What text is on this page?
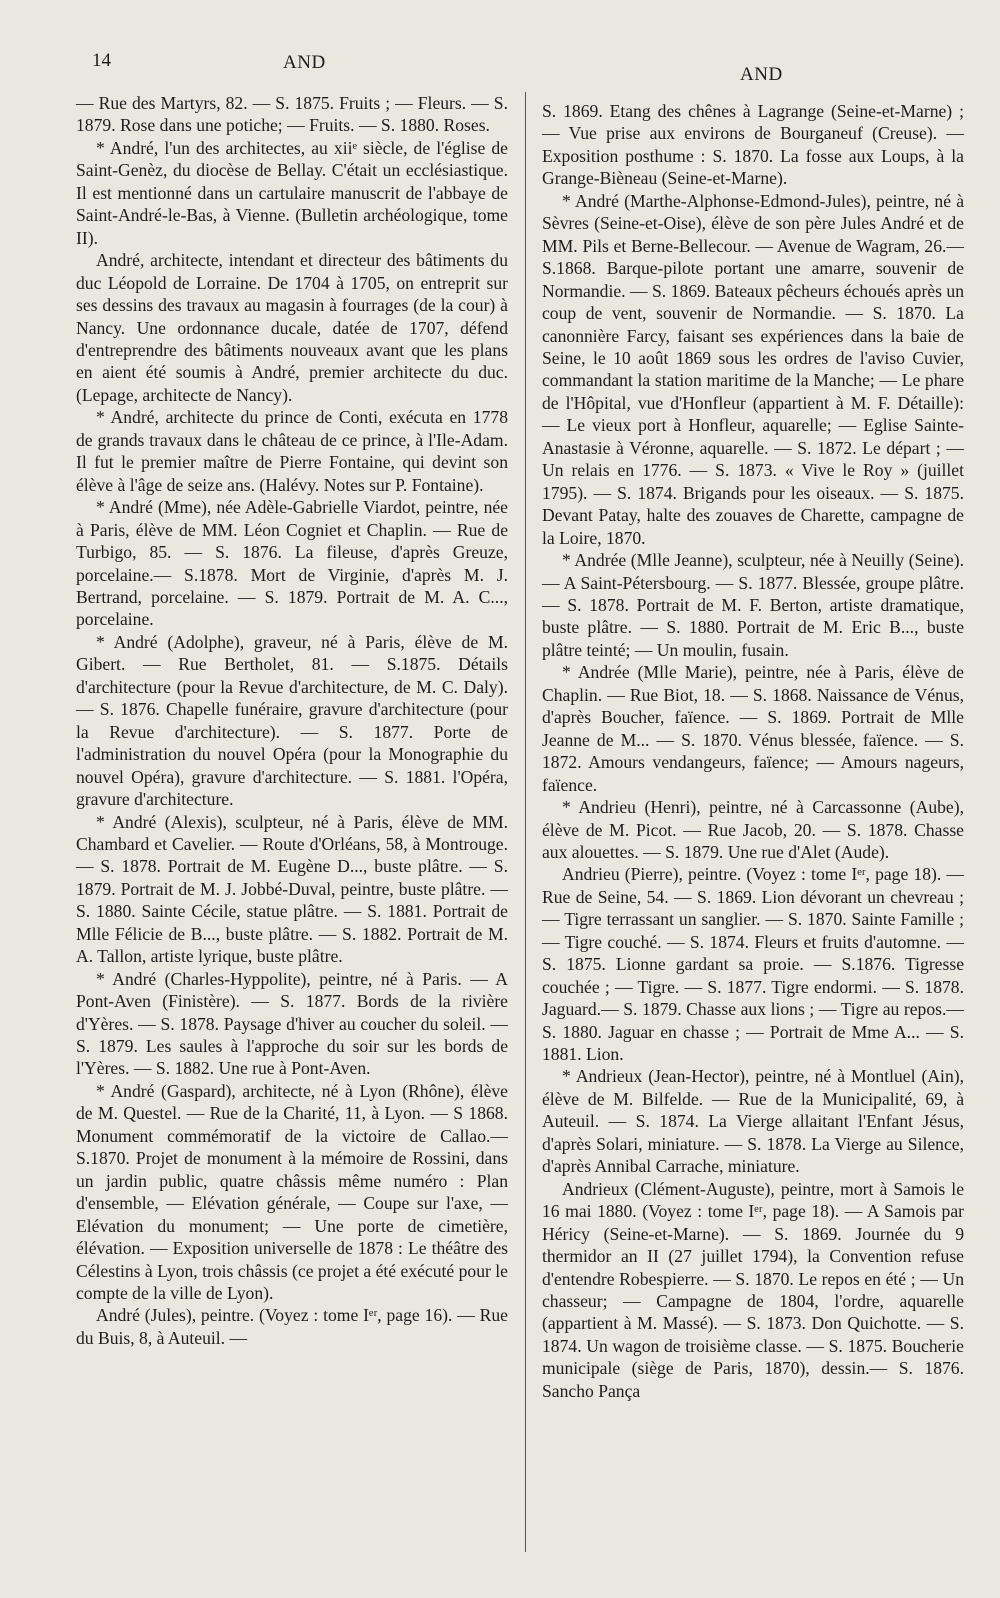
14	AND
AND

— Rue des Martyrs, 82. — S. 1875. Fruits ; — Fleurs. — S. 1879. Rose dans une potiche; — Fruits. — S. 1880. Roses.

* André, l'un des architectes, au xiiᵉ siècle, de l'église de Saint-Genèz, du diocèse de Bellay. C'était un ecclésiastique. Il est mentionné dans un cartulaire manuscrit de l'abbaye de Saint-André-le-Bas, à Vienne. (Bulletin archéologique, tome II).

André, architecte, intendant et directeur des bâtiments du duc Léopold de Lorraine. De 1704 à 1705, on entreprit sur ses dessins des travaux au magasin à fourrages (de la cour) à Nancy. Une ordonnance ducale, datée de 1707, défend d'entreprendre des bâtiments nouveaux avant que les plans en aient été soumis à André, premier architecte du duc. (Lepage, architecte de Nancy).

* André, architecte du prince de Conti, exécuta en 1778 de grands travaux dans le château de ce prince, à l'Ile-Adam. Il fut le premier maître de Pierre Fontaine, qui devint son élève à l'âge de seize ans. (Halévy. Notes sur P. Fontaine).

* André (Mme), née Adèle-Gabrielle Viardot, peintre, née à Paris, élève de MM. Léon Cogniet et Chaplin. — Rue de Turbigo, 85. — S. 1876. La fileuse, d'après Greuze, porcelaine.— S.1878. Mort de Virginie, d'après M. J. Bertrand, porcelaine. — S. 1879. Portrait de M. A. C..., porcelaine.

* André (Adolphe), graveur, né à Paris, élève de M. Gibert. — Rue Bertholet, 81. — S.1875. Détails d'architecture (pour la Revue d'architecture, de M. C. Daly). — S. 1876. Chapelle funéraire, gravure d'architecture (pour la Revue d'architecture). — S. 1877. Porte de l'administration du nouvel Opéra (pour la Monographie du nouvel Opéra), gravure d'architecture. — S. 1881. l'Opéra, gravure d'architecture.

* André (Alexis), sculpteur, né à Paris, élève de MM. Chambard et Cavelier. — Route d'Orléans, 58, à Montrouge. — S. 1878. Portrait de M. Eugène D..., buste plâtre. — S. 1879. Portrait de M. J. Jobbé-Duval, peintre, buste plâtre. — S. 1880. Sainte Cécile, statue plâtre. — S. 1881. Portrait de Mlle Félicie de B..., buste plâtre. — S. 1882. Portrait de M. A. Tallon, artiste lyrique, buste plâtre.

* André (Charles-Hyppolite), peintre, né à Paris. — A Pont-Aven (Finistère). — S. 1877. Bords de la rivière d'Yères. — S. 1878. Paysage d'hiver au coucher du soleil. — S. 1879. Les saules à l'approche du soir sur les bords de l'Yères. — S. 1882. Une rue à Pont-Aven.

* André (Gaspard), architecte, né à Lyon (Rhône), élève de M. Questel. — Rue de la Charité, 11, à Lyon. — S 1868. Monument commémoratif de la victoire de Callao.— S.1870. Projet de monument à la mémoire de Rossini, dans un jardin public, quatre châssis même numéro : Plan d'ensemble, — Elévation générale, — Coupe sur l'axe, — Elévation du monument; — Une porte de cimetière, élévation. — Exposition universelle de 1878 : Le théâtre des Célestins à Lyon, trois châssis (ce projet a été exécuté pour le compte de la ville de Lyon).

André (Jules), peintre. (Voyez : tome Iᵉʳ, page 16). — Rue du Buis, 8, à Auteuil. —

S. 1869. Etang des chênes à Lagrange (Seine-et-Marne) ; — Vue prise aux environs de Bourganeuf (Creuse). — Exposition posthume : S. 1870. La fosse aux Loups, à la Grange-Bièneau (Seine-et-Marne).

* André (Marthe-Alphonse-Edmond-Jules), peintre, né à Sèvres (Seine-et-Oise), élève de son père Jules André et de MM. Pils et Berne-Bellecour. — Avenue de Wagram, 26.— S.1868. Barque-pilote portant une amarre, souvenir de Normandie. — S. 1869. Bateaux pêcheurs échoués après un coup de vent, souvenir de Normandie. — S. 1870. La canonnière Farcy, faisant ses expériences dans la baie de Seine, le 10 août 1869 sous les ordres de l'aviso Cuvier, commandant la station maritime de la Manche; — Le phare de l'Hôpital, vue d'Honfleur (appartient à M. F. Détaille): — Le vieux port à Honfleur, aquarelle; — Eglise Sainte-Anastasie à Véronne, aquarelle. — S. 1872. Le départ ; — Un relais en 1776. — S. 1873. « Vive le Roy » (juillet 1795). — S. 1874. Brigands pour les oiseaux. — S. 1875. Devant Patay, halte des zouaves de Charette, campagne de la Loire, 1870.

* Andrée (Mlle Jeanne), sculpteur, née à Neuilly (Seine). — A Saint-Pétersbourg. — S. 1877. Blessée, groupe plâtre. — S. 1878. Portrait de M. F. Berton, artiste dramatique, buste plâtre. — S. 1880. Portrait de M. Eric B..., buste plâtre teinté; — Un moulin, fusain.

* Andrée (Mlle Marie), peintre, née à Paris, élève de Chaplin. — Rue Biot, 18. — S. 1868. Naissance de Vénus, d'après Boucher, faïence. — S. 1869. Portrait de Mlle Jeanne de M... — S. 1870. Vénus blessée, faïence. — S. 1872. Amours vendangeurs, faïence; — Amours nageurs, faïence.

* Andrieu (Henri), peintre, né à Carcassonne (Aube), élève de M. Picot. — Rue Jacob, 20. — S. 1878. Chasse aux alouettes. — S. 1879. Une rue d'Alet (Aude).

Andrieu (Pierre), peintre. (Voyez : tome Iᵉʳ, page 18). — Rue de Seine, 54. — S. 1869. Lion dévorant un chevreau ; — Tigre terrassant un sanglier. — S. 1870. Sainte Famille ; — Tigre couché. — S. 1874. Fleurs et fruits d'automne. — S. 1875. Lionne gardant sa proie. — S.1876. Tigresse couchée ; — Tigre. — S. 1877. Tigre endormi. — S. 1878. Jaguard.— S. 1879. Chasse aux lions ; — Tigre au repos.— S. 1880. Jaguar en chasse ; — Portrait de Mme A... — S. 1881. Lion.

* Andrieux (Jean-Hector), peintre, né à Montluel (Ain), élève de M. Bilfelde. — Rue de la Municipalité, 69, à Auteuil. — S. 1874. La Vierge allaitant l'Enfant Jésus, d'après Solari, miniature. — S. 1878. La Vierge au Silence, d'après Annibal Carrache, miniature.

Andrieux (Clément-Auguste), peintre, mort à Samois le 16 mai 1880. (Voyez : tome Iᵉʳ, page 18). — A Samois par Héricy (Seine-et-Marne). — S. 1869. Journée du 9 thermidor an II (27 juillet 1794), la Convention refuse d'entendre Robespierre. — S. 1870. Le repos en été ; — Un chasseur; — Campagne de 1804, l'ordre, aquarelle (appartient à M. Massé). — S. 1873. Don Quichotte. — S. 1874. Un wagon de troisième classe. — S. 1875. Boucherie municipale (siège de Paris, 1870), dessin.— S. 1876. Sancho Pança
